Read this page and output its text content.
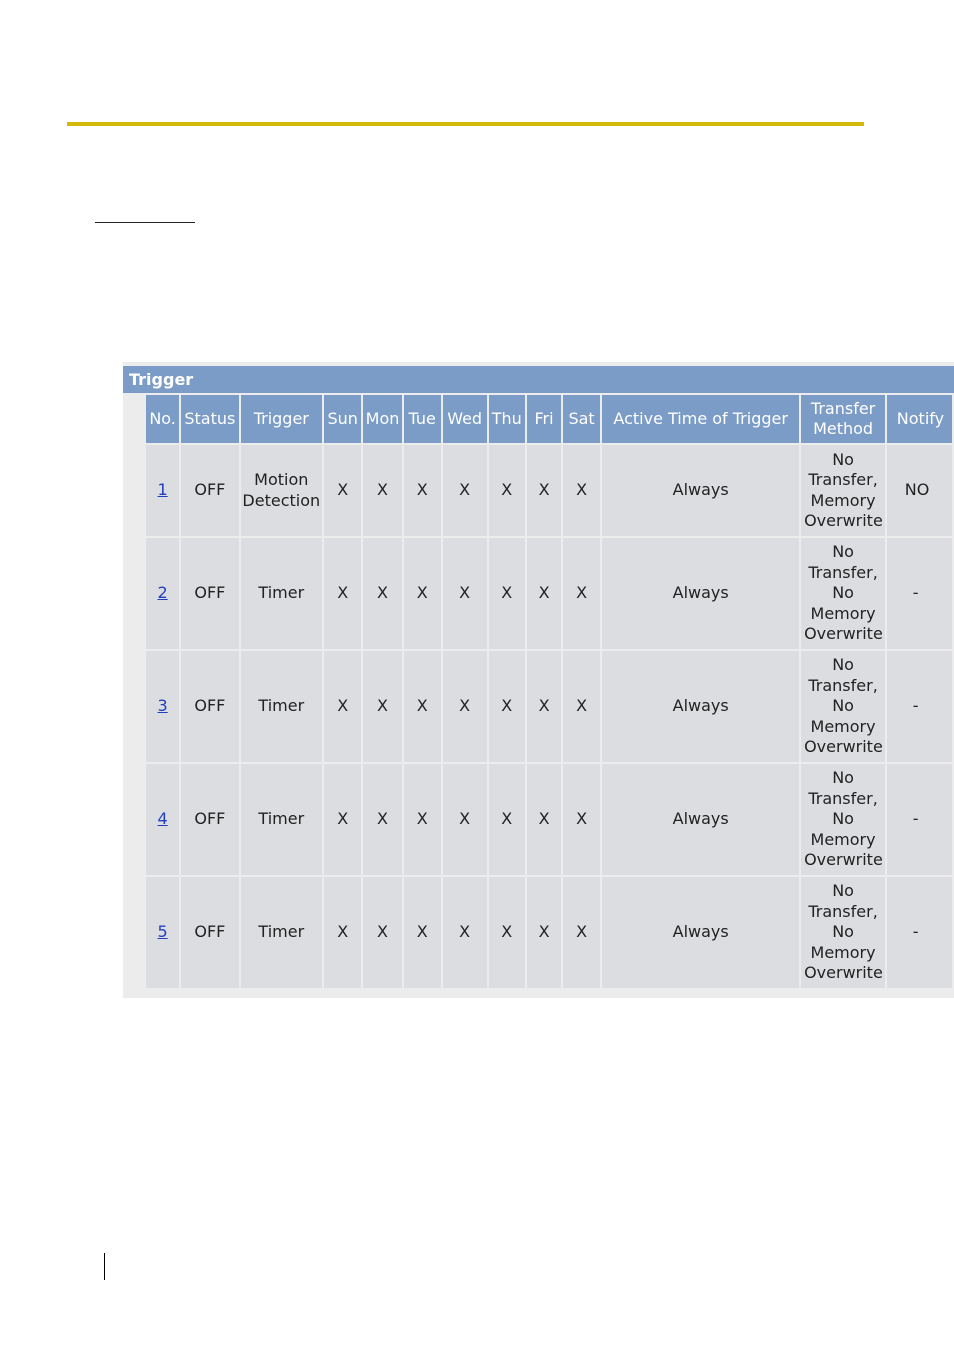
Trigger
No.	Status	Trigger	Sun	Mon	Tue	Wed	Thu	Fri	Sat	Active Time of Trigger	Transfer Method	Notify
1	OFF	Motion Detection	X	X	X	X	X	X	X	Always	No Transfer, Memory Overwrite	NO
2	OFF	Timer	X	X	X	X	X	X	X	Always	No Transfer, No Memory Overwrite	-
3	OFF	Timer	X	X	X	X	X	X	X	Always	No Transfer, No Memory Overwrite	-
4	OFF	Timer	X	X	X	X	X	X	X	Always	No Transfer, No Memory Overwrite	-
5	OFF	Timer	X	X	X	X	X	X	X	Always	No Transfer, No Memory Overwrite	-
